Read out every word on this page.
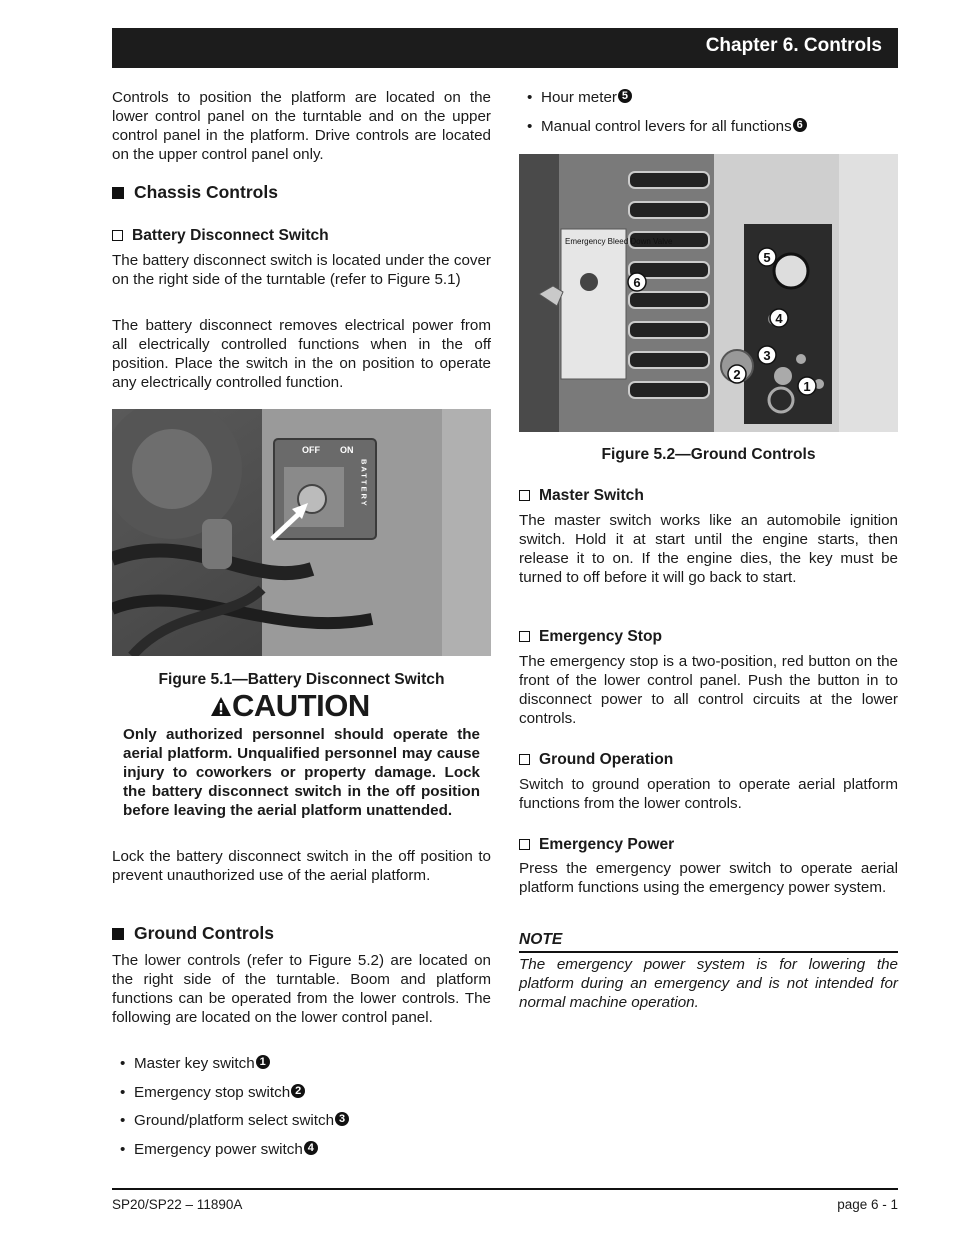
Chapter 6. Controls

Controls to position the platform are located on the lower control panel on the turntable and on the upper control panel in the platform. Drive controls are located on the upper control panel only.

Chassis Controls
Battery Disconnect Switch

The battery disconnect switch is located under the cover on the right side of the turntable (refer to Figure 5.1)

The battery disconnect removes electrical power from all electrically controlled functions when in the off position. Place the switch in the on position to operate any electrically controlled function.

OFF ON
BATTERY
Figure 5.1—Battery Disconnect Switch
CAUTION
Only authorized personnel should operate the aerial platform. Unqualified personnel may cause injury to coworkers or property damage. Lock the battery disconnect switch in the off position before leaving the aerial platform unattended.

Lock the battery disconnect switch in the off position to prevent unauthorized use of the aerial platform.

Ground Controls

The lower controls (refer to Figure 5.2) are located on the right side of the turntable. Boom and platform functions can be operated from the lower controls. The following are located on the lower control panel.

• Master key switch 1
• Emergency stop switch 2
• Ground/platform select switch 3
• Emergency power switch 4
• Hour meter 5
• Manual control levers for all functions 6
Emergency Bleed Down Valve
1
2
3
4
5
6
Figure 5.2—Ground Controls
Master Switch

The master switch works like an automobile ignition switch. Hold it at start until the engine starts, then release it to on. If the engine dies, the key must be turned to off before it will go back to start.

Emergency Stop

The emergency stop is a two-position, red button on the front of the lower control panel. Push the button in to disconnect power to all control circuits at the lower controls.

Ground Operation

Switch to ground operation to operate aerial platform functions from the lower controls.

Emergency Power

Press the emergency power switch to operate aerial platform functions using the emergency power system.

NOTE

The emergency power system is for lowering the platform during an emergency and is not intended for normal machine operation.

SP20/SP22 – 11890A	page 6 - 1
